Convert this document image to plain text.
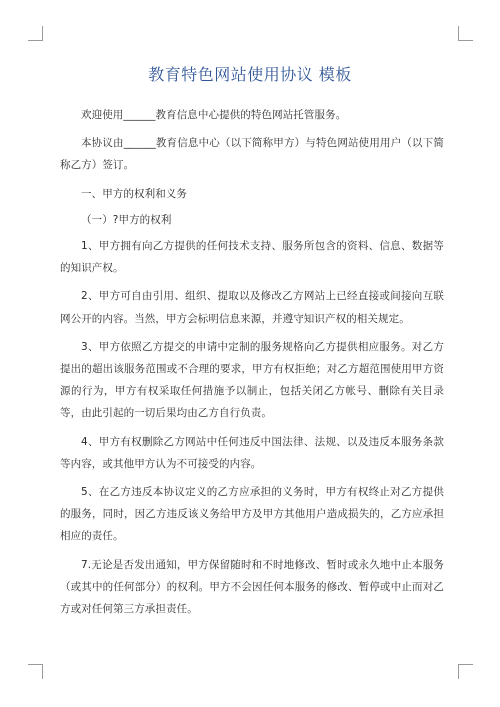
教育特色网站使用协议 模板

欢迎使用______教育信息中心提供的特色网站托管服务。

本协议由______教育信息中心（以下简称甲方）与特色网站使用用户（以下简称乙方）签订。

一、甲方的权利和义务

（一）?甲方的权利

1、甲方拥有向乙方提供的任何技术支持、服务所包含的资料、信息、数据等的知识产权。

2、甲方可自由引用、组织、提取以及修改乙方网站上已经直接或间接向互联网公开的内容。当然，甲方会标明信息来源，并遵守知识产权的相关规定。

3、甲方依照乙方提交的申请中定制的服务规格向乙方提供相应服务。对乙方提出的超出该服务范围或不合理的要求，甲方有权拒绝；对乙方超范围使用甲方资源的行为，甲方有权采取任何措施予以制止，包括关闭乙方帐号、删除有关目录等，由此引起的一切后果均由乙方自行负责。

4、甲方有权删除乙方网站中任何违反中国法律、法规、以及违反本服务条款等内容，或其他甲方认为不可接受的内容。

5、在乙方违反本协议定义的乙方应承担的义务时，甲方有权终止对乙方提供的服务，同时，因乙方违反该义务给甲方及甲方其他用户造成损失的，乙方应承担相应的责任。

7.无论是否发出通知，甲方保留随时和不时地修改、暂时或永久地中止本服务（或其中的任何部分）的权利。甲方不会因任何本服务的修改、暂停或中止而对乙方或对任何第三方承担责任。
